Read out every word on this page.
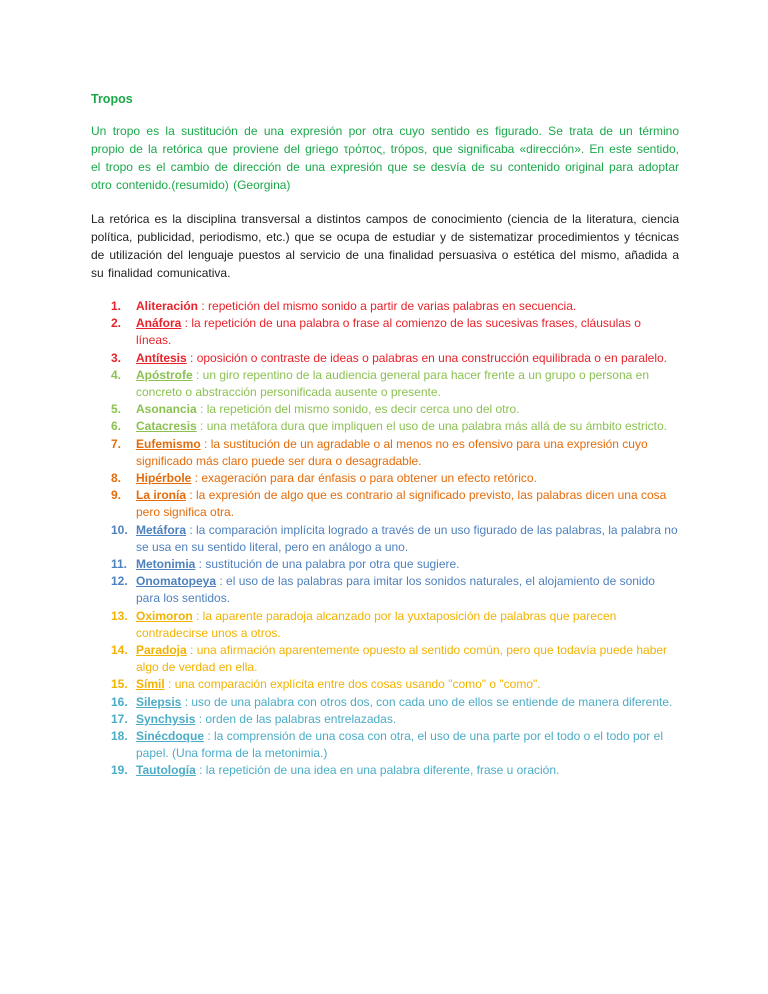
Tropos

Un tropo es la sustitución de una expresión por otra cuyo sentido es figurado. Se trata de un término propio de la retórica que proviene del griego τρόπος, trópos, que significaba «dirección». En este sentido, el tropo es el cambio de dirección de una expresión que se desvía de su contenido original para adoptar otro contenido.(resumido) (Georgina)

La retórica es la disciplina transversal a distintos campos de conocimiento (ciencia de la literatura, ciencia política, publicidad, periodismo, etc.) que se ocupa de estudiar y de sistematizar procedimientos y técnicas de utilización del lenguaje puestos al servicio de una finalidad persuasiva o estética del mismo, añadida a su finalidad comunicativa.

1. Aliteración : repetición del mismo sonido a partir de varias palabras en secuencia.
2. Anáfora : la repetición de una palabra o frase al comienzo de las sucesivas frases, cláusulas o líneas.
3. Antítesis : oposición o contraste de ideas o palabras en una construcción equilibrada o en paralelo.
4. Apóstrofe : un giro repentino de la audiencia general para hacer frente a un grupo o persona en concreto o abstracción personificada ausente o presente.
5. Asonancia : la repetición del mismo sonido, es decir cerca uno del otro.
6. Catacresis : una metáfora dura que impliquen el uso de una palabra más allá de su ámbito estricto.
7. Eufemismo : la sustitución de un agradable o al menos no es ofensivo para una expresión cuyo significado más claro puede ser dura o desagradable.
8. Hipérbole : exageración para dar énfasis o para obtener un efecto retórico.
9. La ironía : la expresión de algo que es contrario al significado previsto, las palabras dicen una cosa pero significa otra.
10. Metáfora : la comparación implícita logrado a través de un uso figurado de las palabras, la palabra no se usa en su sentido literal, pero en análogo a uno.
11. Metonimia : sustitución de una palabra por otra que sugiere.
12. Onomatopeya : el uso de las palabras para imitar los sonidos naturales, el alojamiento de sonido para los sentidos.
13. Oximoron : la aparente paradoja alcanzado por la yuxtaposición de palabras que parecen contradecirse unos a otros.
14. Paradoja : una afirmación aparentemente opuesto al sentido común, pero que todavía puede haber algo de verdad en ella.
15. Símil : una comparación explícita entre dos cosas usando "como" o "como".
16. Silepsis : uso de una palabra con otros dos, con cada uno de ellos se entiende de manera diferente.
17. Synchysis : orden de las palabras entrelazadas.
18. Sinécdoque : la comprensión de una cosa con otra, el uso de una parte por el todo o el todo por el papel. (Una forma de la metonimia.)
19. Tautología : la repetición de una idea en una palabra diferente, frase u oración.
